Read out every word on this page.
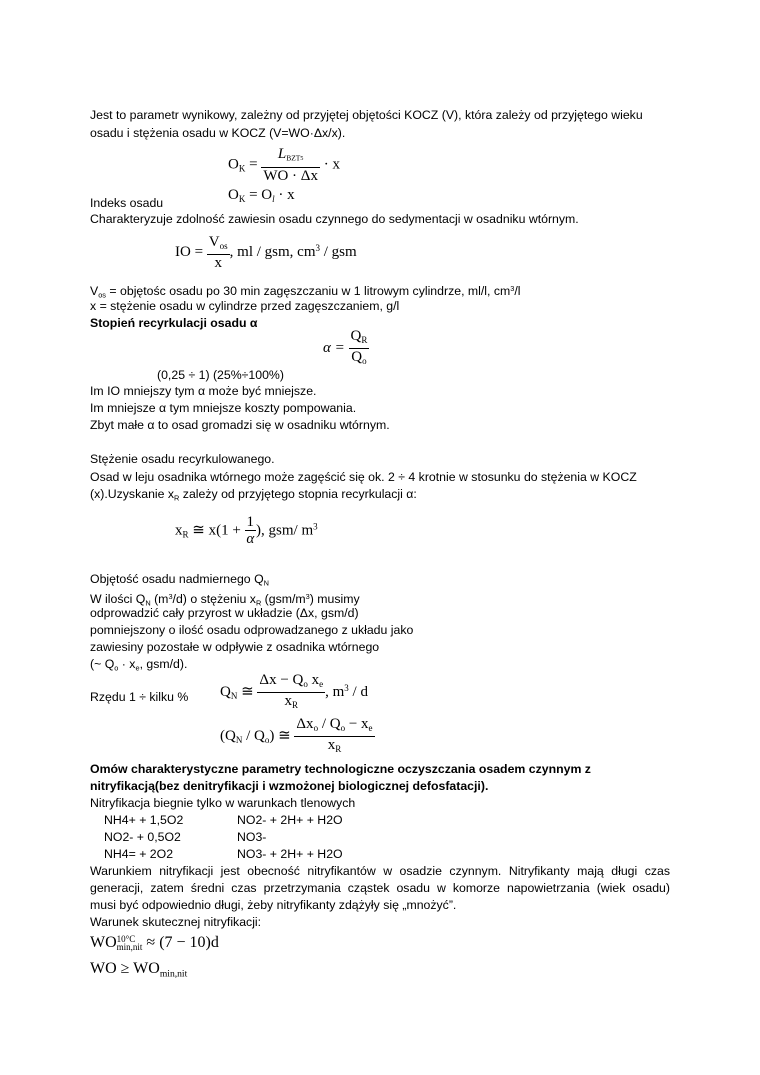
Jest to parametr wynikowy, zależny od przyjętej objętości KOCZ (V), która zależy od przyjętego wieku
osadu i stężenia osadu w KOCZ (V=WO·Δx/x).
$O_K = \frac{L_{BZT5}}{WO \cdot \Delta x} \cdot x$
Indeks osadu	$O_K = O_l \cdot x$
Charakteryzuje zdolność zawiesin osadu czynnego do sedymentacji w osadniku wtórnym.
IO = $\frac{V_{os}}{x}$ , ml / gsm, $cm^3$ / gsm
$V_{os}$ = objętośc osadu po 30 min zagęszczaniu w 1 litrowym cylindrze, ml/l, $cm^3/l$
x = stężenie osadu w cylindrze przed zagęszczaniem, g/l
Stopień recyrkulacji osadu α
$\alpha = \frac{Q_R}{Q_o}$
(0,25 ÷ 1) (25%÷100%)
Im IO mniejszy tym α może być mniejsze.
Im mniejsze α tym mniejsze koszty pompowania.
Zbyt małe α to osad gromadzi się w osadniku wtórnym.
Stężenie osadu recyrkulowanego.
Osad w leju osadnika wtórnego może zagęścić się ok. 2 ÷ 4 krotnie w stosunku do stężenia w KOCZ
(x).Uzyskanie $x_R$ zależy od przyjętego stopnia recyrkulacji α:
$x_R$ ≅ $x(1 + \frac{1}{\alpha})$, gsm/ $m^3$
Objętość osadu nadmiernego $Q_N$
W ilości $Q_N$ $(m^3/d)$ o stężeniu $x_R$ $(gsm/m^3)$ musimy
odprowadzić cały przyrost w układzie (Δx, gsm/d)
pomniejszony o ilość osadu odprowadzanego z układu jako
zawiesiny pozostałe w odpływie z osadnika wtórnego
(~ $Q_o \cdot x_e$, gsm/d).
Rzędu 1 ÷ kilku % $Q_N$ ≅ $\frac{\Delta x - Q_o x_e}{x_R}$ , $m^3$ / d
$(Q_N / Q_o)$ ≅ $\frac{\Delta x_o / Q_o - x_e}{x_R}$
Omów charakterystyczne parametry technologiczne oczyszczania osadem czynnym z
nitryfikacją(bez denitryfikacji i wzmożonej biologicznej defosfatacji).
Nitryfikacja biegnie tylko w warunkach tlenowych
NH4+ + 1,5O2	NO2- + 2H+ + H2O
NO2- + 0,5O2	NO3-
NH4= + 2O2	NO3- + 2H+ + H2O
Warunkiem nitryfikacji jest obecność nitryfikantów w osadzie czynnym. Nitryfikanty mają długi czas
generacji, zatem średni czas przetrzymania cząstek osadu w komorze napowietrzania (wiek osadu)
musi być odpowiednio długi, żeby nitryfikanty zdążyły się „mnożyć”.
Warunek skutecznej nitryfikacji:
WO 10°C
min,nit ≈ (7 − 10)d
WO ≥ $WO_{min,nit}$
